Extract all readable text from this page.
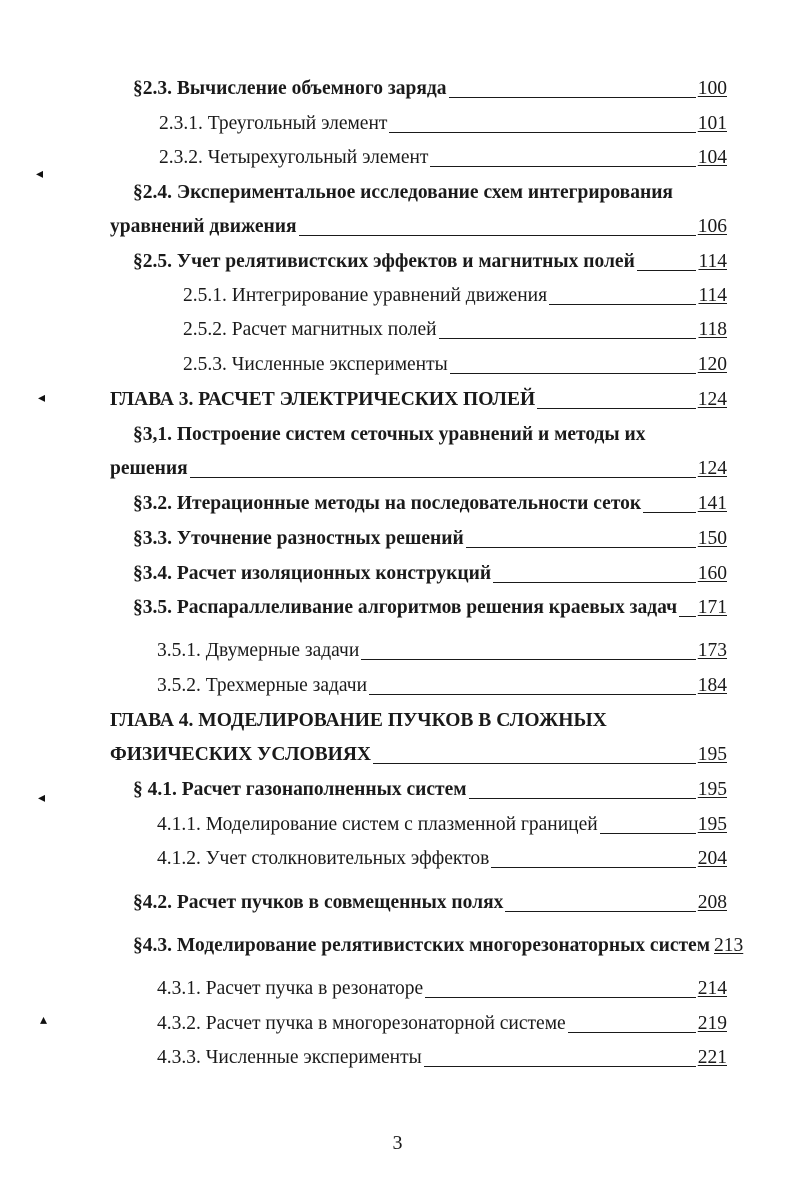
§2.3. Вычисление объемного заряда	100
2.3.1. Треугольный элемент	101
2.3.2. Четырехугольный элемент	104
§2.4. Экспериментальное исследование схем интегрирования
уравнений движения	106
§2.5. Учет релятивистских эффектов и магнитных полей	114
2.5.1. Интегрирование уравнений движения	114
2.5.2. Расчет магнитных полей	118
2.5.3. Численные эксперименты	120
ГЛАВА 3. РАСЧЕТ ЭЛЕКТРИЧЕСКИХ ПОЛЕЙ	124
§3,1. Построение систем сеточных уравнений и методы их
решения	124
§3.2. Итерационные методы на последовательности сеток	141
§3.3. Уточнение разностных решений	150
§3.4. Расчет изоляционных конструкций	160
§3.5. Распараллеливание алгоритмов решения краевых задач 171
3.5.1. Двумерные задачи	173
3.5.2. Трехмерные задачи	184
ГЛАВА 4. МОДЕЛИРОВАНИЕ ПУЧКОВ В СЛОЖНЫХ
ФИЗИЧЕСКИХ УСЛОВИЯХ	195
§ 4.1. Расчет газонаполненных систем	195
4.1.1. Моделирование систем с плазменной границей	195
4.1.2. Учет столкновительных эффектов	204
§4.2. Расчет пучков в совмещенных полях	208
§4.3. Моделирование релятивистских многорезонаторных систем 213
4.3.1. Расчет пучка в резонаторе	214
4.3.2. Расчет пучка в многорезонаторной системе	219
4.3.3. Численные эксперименты	221
◂
◂
◂
▴
3
